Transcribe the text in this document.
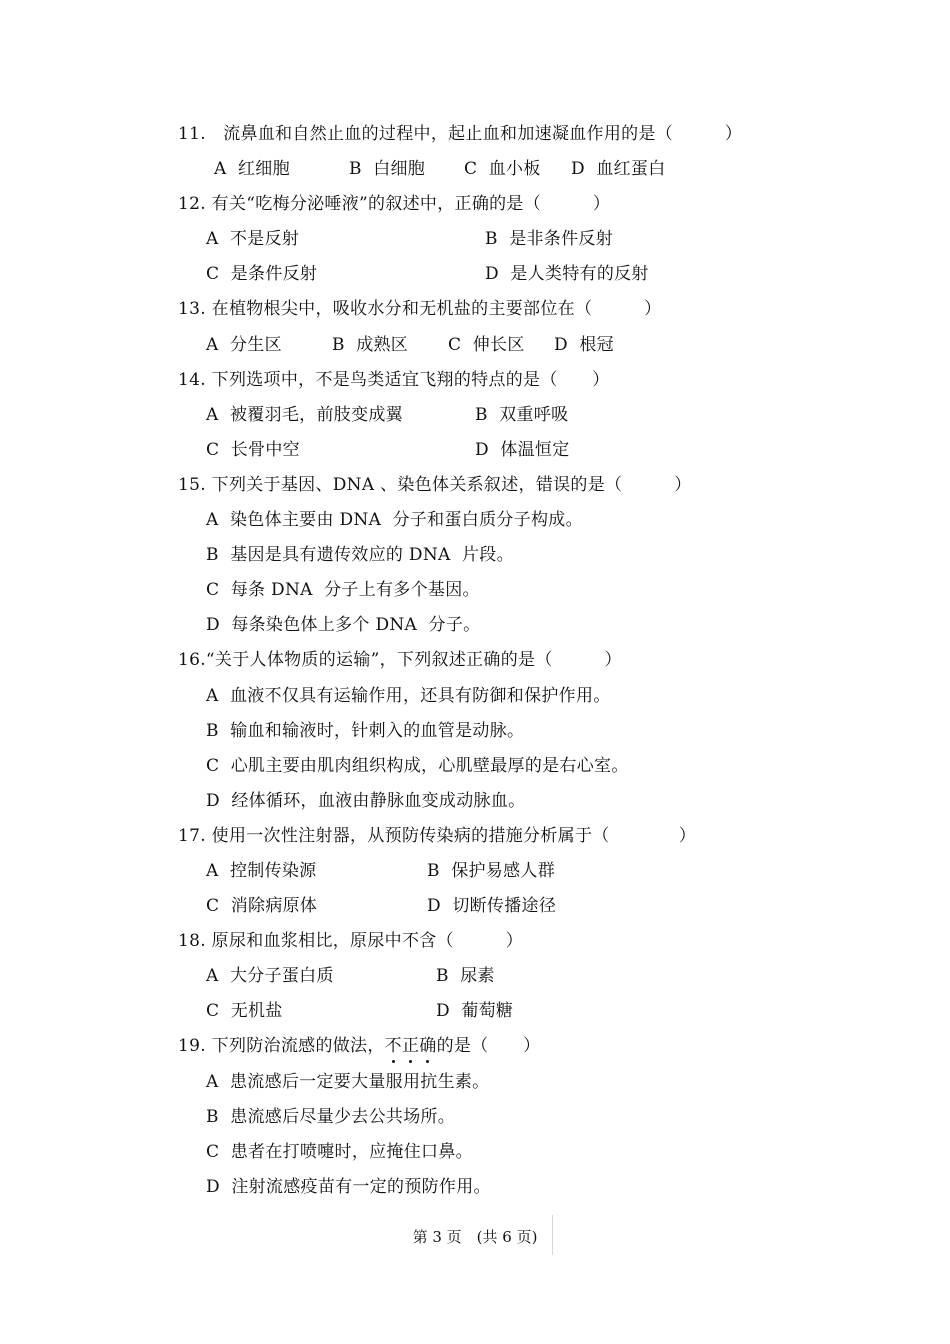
11.　流鼻血和自然止血的过程中，起止血和加速凝血作用的是（　　　）
A  红细胞	B  白细胞 C  血小板 D  血红蛋白
12. 有关“吃梅分泌唾液”的叙述中，正确的是（　　　）
A  不是反射	B  是非条件反射
C  是条件反射	D  是人类特有的反射
13. 在植物根尖中，吸收水分和无机盐的主要部位在（　　　）
A  分生区	B  成熟区 C  伸长区 D  根冠
14. 下列选项中，不是鸟类适宜飞翔的特点的是（　　）
A  被覆羽毛，前肢变成翼	B  双重呼吸
C  长骨中空	D  体温恒定
15. 下列关于基因、DNA 、染色体关系叙述，错误的是（　　　）
A  染色体主要由 DNA  分子和蛋白质分子构成。
B  基因是具有遗传效应的 DNA  片段。
C  每条 DNA  分子上有多个基因。
D  每条染色体上多个 DNA  分子。
16.“关于人体物质的运输”，下列叙述正确的是（　　　）
A  血液不仅具有运输作用，还具有防御和保护作用。
B  输血和输液时，针刺入的血管是动脉。
C  心肌主要由肌肉组织构成，心肌壁最厚的是右心室。
D  经体循环，血液由静脉血变成动脉血。
17. 使用一次性注射器，从预防传染病的措施分析属于（　　　　）
A  控制传染源	B  保护易感人群
C  消除病原体	D  切断传播途径
18. 原尿和血浆相比，原尿中不含（　　　）
A  大分子蛋白质	B  尿素
C  无机盐	D  葡萄糖
19. 下列防治流感的做法，不正确的是（　　）
A  患流感后一定要大量服用抗生素。
B  患流感后尽量少去公共场所。
C  患者在打喷嚏时，应掩住口鼻。
D  注射流感疫苗有一定的预防作用。
第 3 页　(共 6 页)
